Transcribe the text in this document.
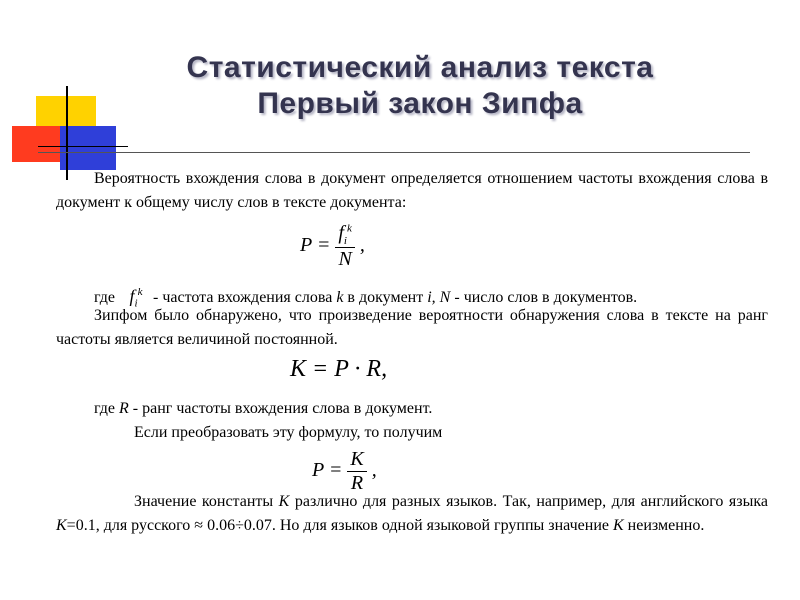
Статистический анализ текста
Первый закон Зипфа
Вероятность вхождения слова в документ определяется отношением частоты вхождения слова в документ к общему числу слов в тексте документа:
$P = \frac{f_i^k}{N}$ ,
где $f_i^k$ - частота вхождения слова k в документ i, N - число слов в документов.
Зипфом было обнаружено, что произведение вероятности обнаружения слова в тексте на ранг частоты является величиной постоянной.
K = P · R,
где R - ранг частоты вхождения слова в документ.
Если преобразовать эту формулу, то получим
$P = \frac{K}{R}$ ,
Значение константы K различно для разных языков. Так, например, для английского языка K=0.1, для русского ≈ 0.06÷0.07. Но для языков одной языковой группы значение K неизменно.
